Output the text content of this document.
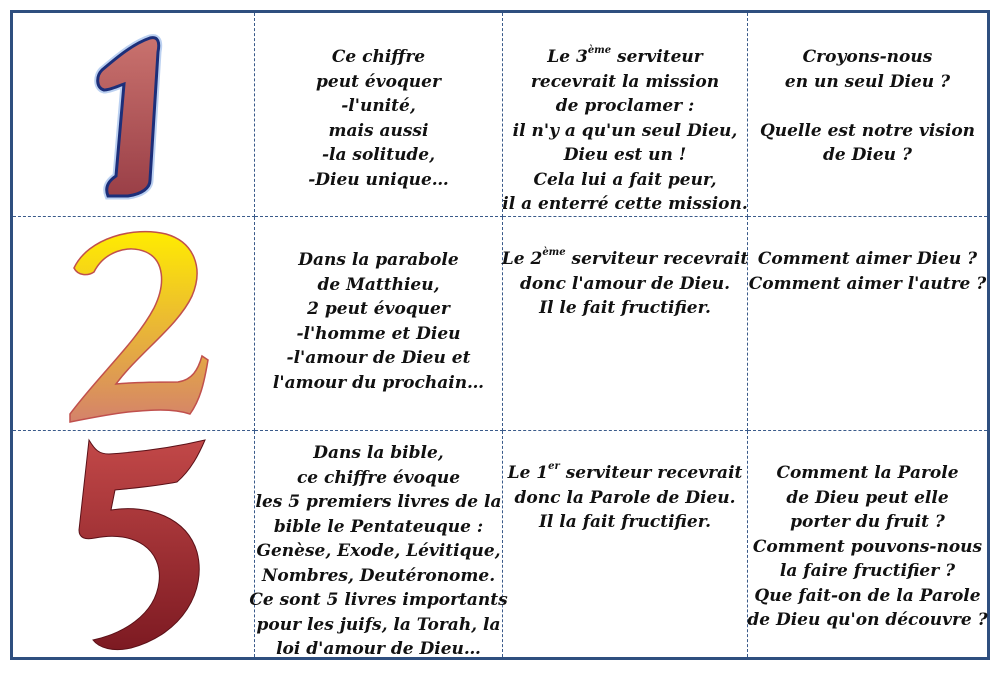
1
Ce chiffre
peut évoquer
-l'unité,
mais aussi
-la solitude,
-Dieu unique…
Le 3ème serviteur
recevrait la mission
de proclamer :
il n'y a qu'un seul Dieu,
Dieu est un !
Cela lui a fait peur,
il a enterré cette mission.
Croyons-nous
en un seul Dieu ?
Quelle est notre vision
de Dieu ?
Dans la parabole
de Matthieu,
2 peut évoquer
-l'homme et Dieu
-l'amour de Dieu et
l'amour du prochain…
Le 2ème serviteur recevrait
donc l'amour de Dieu.
Il le fait fructifier.
Comment aimer Dieu ?
Comment aimer l'autre ?
Dans la bible,
ce chiffre évoque
les 5 premiers livres de la
bible le Pentateuque :
Genèse, Exode, Lévitique,
Nombres, Deutéronome.
Ce sont 5 livres importants
pour les juifs, la Torah, la
loi d'amour de Dieu…
Le 1er serviteur recevrait
donc la Parole de Dieu.
Il la fait fructifier.
Comment la Parole
de Dieu peut elle
porter du fruit ?
Comment pouvons-nous
la faire fructifier ?
Que fait-on de la Parole
de Dieu qu'on découvre ?
